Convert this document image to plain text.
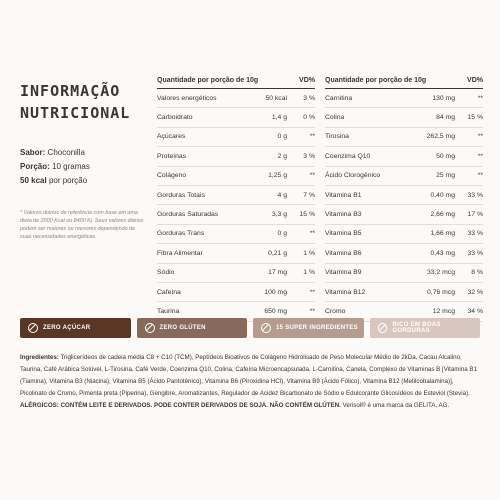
INFORMAÇÃO
NUTRICIONAL
Sabor: Choconilla
Porção: 10 gramas
50 kcal por porção
* Valores diários de referência com base em uma dieta de 2000 Kcal ou 8400 Kj. Seus valores diários podem ser maiores ou menores dependendo de suas necessidades energéticas.
Quantidade por porção de 10g	VD%
Valores energéticos	50 kcal	3 %
Carboidrato	1,4 g	0 %
Açúcares	0 g	**
Proteínas	2 g	3 %
Colágeno	1,25 g	**
Gorduras Totais	4 g	7 %
Gorduras Saturadas	3,3 g	15 %
Gorduras Trans	0 g	**
Fibra Alimentar	0,21 g	1 %
Sódio	17 mg	1 %
Cafeína	100 mg	**
Taurina	650 mg	**
Quantidade por porção de 10g	VD%
Carnitina	130 mg	**
Colina	84 mg	15 %
Tirosina	262,5 mg	**
Coenzima Q10	50 mg	**
Ácido Clorogênico	25 mg	**
Vitamina B1	0,40 mg	33 %
Vitamina B3	2,66 mg	17 %
Vitamina B5	1,66 mg	33 %
Vitamina B6	0,43 mg	33 %
Vitamina B9	33,2 mcg	8 %
Vitamina B12	0,76 mcg	32 %
Cromo	12 mcg	34 %
ZERO AÇÚCAR	ZERO GLÚTEN	15 SUPER INGREDIENTES	RICO EM BOAS GORDURAS
Ingredientes: Triglicerídeos de cadeia média C8 + C10 (TCM), Peptídeos Bioativos de Colágeno Hidrolisado de Peso Molecular Médio de 2kDa, Cacau Alcalino, Taurina, Café Arábica Solúvel, L-Tirosina, Café Verde, Coenzima Q10, Colina, Cafeína Microencapsulada, L-Carnitina, Canela, Complexo de Vitaminas B [Vitamina B1 (Tiamina), Vitamina B3 (Niacina), Vitamina B5 (Ácido Pantotênico), Vitamina B6 (Piroxidina HCl), Vitamina B9 (Ácido Fólico), Vitamina B12 (Metilcobalamina)], Picolinato de Cromo, Pimenta preta (Piperina), Gengibre, Aromatizantes, Regulador de Acidez Bicarbonato de Sódio e Edulcorante Glicosídeos de Esteviol (Stevia). ALÉRGICOS: CONTÉM LEITE E DERIVADOS. PODE CONTER DERIVADOS DE SOJA. NÃO CONTÉM GLÚTEN. Verisol® é uma marca da GELITA, AG.
